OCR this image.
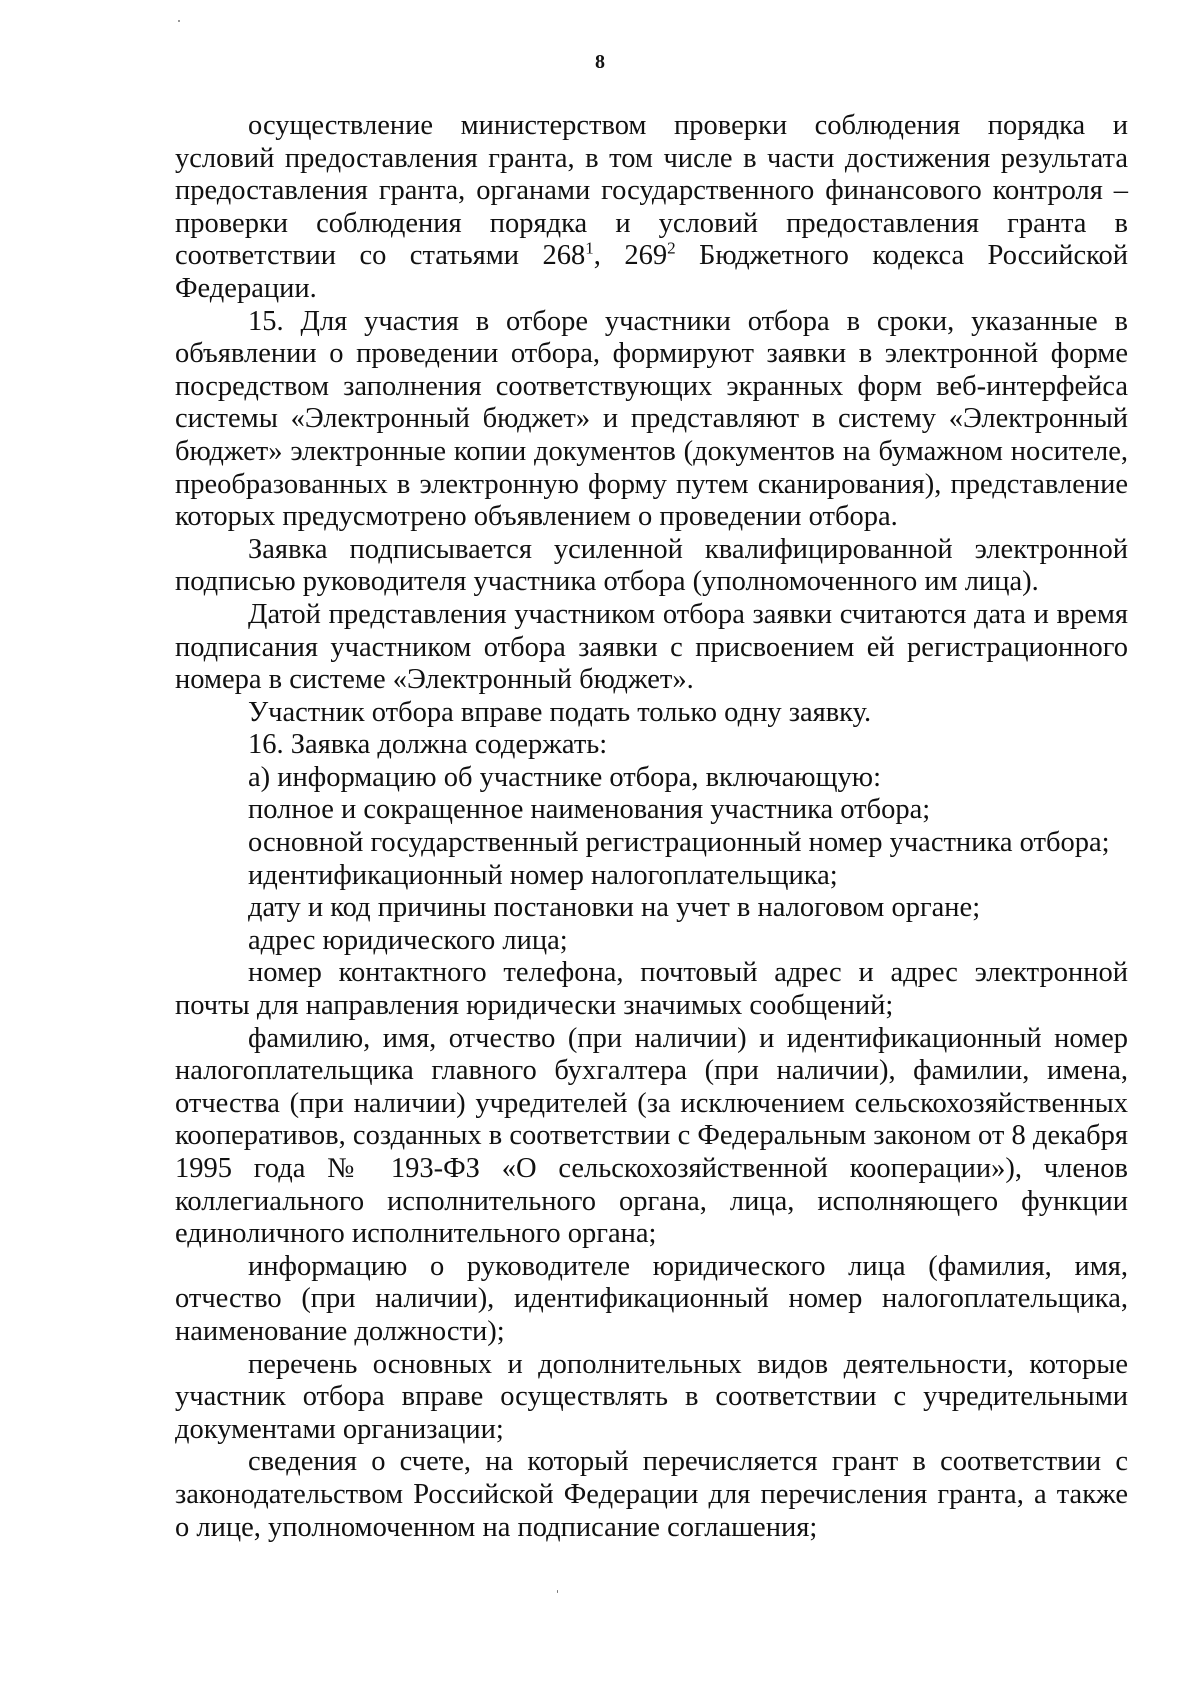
8

осуществление министерством проверки соблюдения порядка и условий предоставления гранта, в том числе в части достижения результата предоставления гранта, органами государственного финансового контроля – проверки соблюдения порядка и условий предоставления гранта в соответствии со статьями $268^1$, $269^2$ Бюджетного кодекса Российской Федерации.

15. Для участия в отборе участники отбора в сроки, указанные в объявлении о проведении отбора, формируют заявки в электронной форме посредством заполнения соответствующих экранных форм веб-интерфейса системы «Электронный бюджет» и представляют в систему «Электронный бюджет» электронные копии документов (документов на бумажном носителе, преобразованных в электронную форму путем сканирования), представление которых предусмотрено объявлением о проведении отбора.

Заявка подписывается усиленной квалифицированной электронной подписью руководителя участника отбора (уполномоченного им лица).

Датой представления участником отбора заявки считаются дата и время подписания участником отбора заявки с присвоением ей регистрационного номера в системе «Электронный бюджет».

Участник отбора вправе подать только одну заявку.

16. Заявка должна содержать:

а) информацию об участнике отбора, включающую:

полное и сокращенное наименования участника отбора;

основной государственный регистрационный номер участника отбора;

идентификационный номер налогоплательщика;

дату и код причины постановки на учет в налоговом органе;

адрес юридического лица;

номер контактного телефона, почтовый адрес и адрес электронной почты для направления юридически значимых сообщений;

фамилию, имя, отчество (при наличии) и идентификационный номер налогоплательщика главного бухгалтера (при наличии), фамилии, имена, отчества (при наличии) учредителей (за исключением сельскохозяйственных кооперативов, созданных в соответствии с Федеральным законом от 8 декабря 1995 года № 193-ФЗ «О сельскохозяйственной кооперации»), членов коллегиального исполнительного органа, лица, исполняющего функции единоличного исполнительного органа;

информацию о руководителе юридического лица (фамилия, имя, отчество (при наличии), идентификационный номер налогоплательщика, наименование должности);

перечень основных и дополнительных видов деятельности, которые участник отбора вправе осуществлять в соответствии с учредительными документами организации;

сведения о счете, на который перечисляется грант в соответствии с законодательством Российской Федерации для перечисления гранта, а также о лице, уполномоченном на подписание соглашения;
